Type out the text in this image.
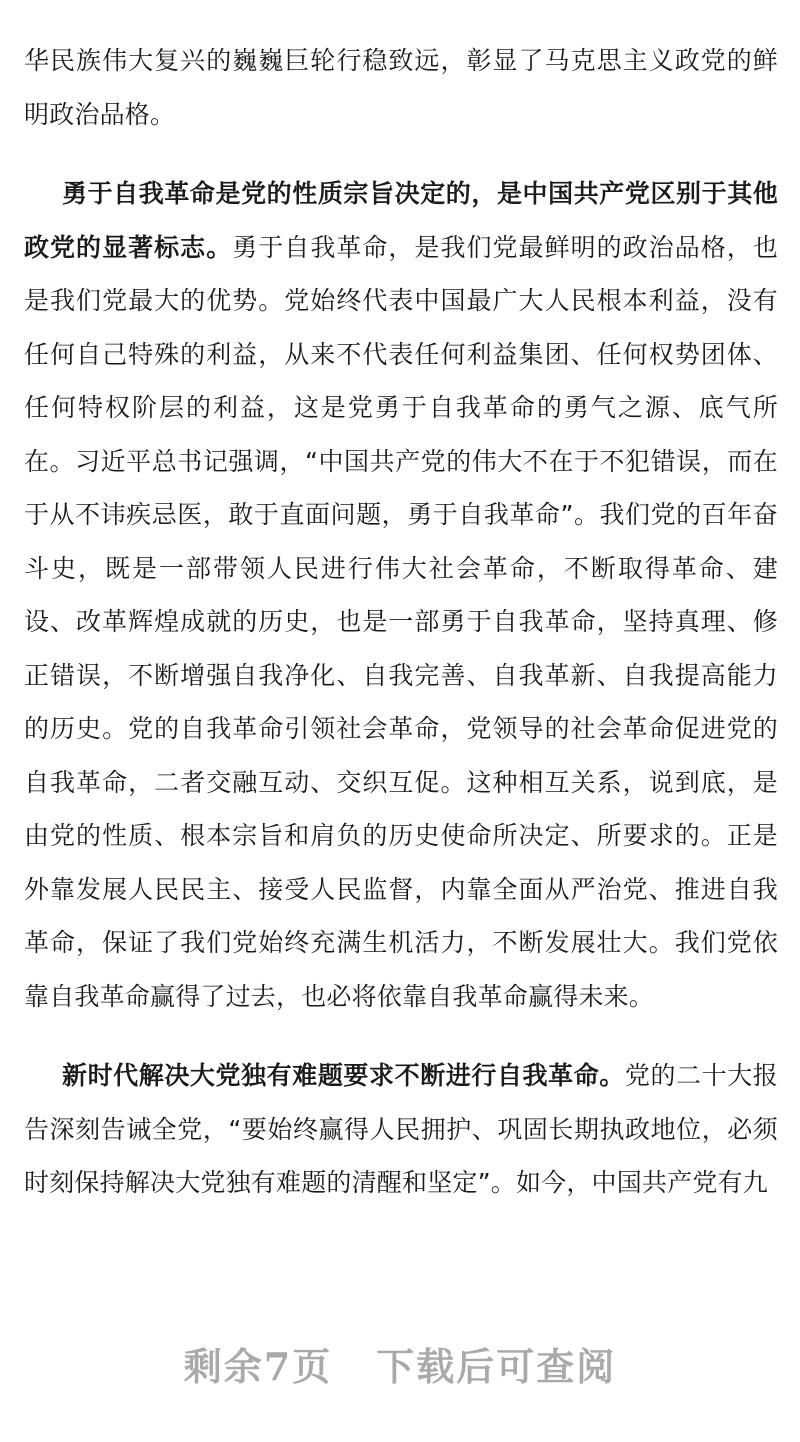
华民族伟大复兴的巍巍巨轮行稳致远，彰显了马克思主义政党的鲜明政治品格。

勇于自我革命是党的性质宗旨决定的，是中国共产党区别于其他政党的显著标志。勇于自我革命，是我们党最鲜明的政治品格，也是我们党最大的优势。党始终代表中国最广大人民根本利益，没有任何自己特殊的利益，从来不代表任何利益集团、任何权势团体、任何特权阶层的利益，这是党勇于自我革命的勇气之源、底气所在。习近平总书记强调，“中国共产党的伟大不在于不犯错误，而在于从不讳疾忌医，敢于直面问题，勇于自我革命”。我们党的百年奋斗史，既是一部带领人民进行伟大社会革命，不断取得革命、建设、改革辉煌成就的历史，也是一部勇于自我革命，坚持真理、修正错误，不断增强自我净化、自我完善、自我革新、自我提高能力的历史。党的自我革命引领社会革命，党领导的社会革命促进党的自我革命，二者交融互动、交织互促。这种相互关系，说到底，是由党的性质、根本宗旨和肩负的历史使命所决定、所要求的。正是外靠发展人民民主、接受人民监督，内靠全面从严治党、推进自我革命，保证了我们党始终充满生机活力，不断发展壮大。我们党依靠自我革命赢得了过去，也必将依靠自我革命赢得未来。

新时代解决大党独有难题要求不断进行自我革命。党的二十大报告深刻告诫全党，“要始终赢得人民拥护、巩固长期执政地位，必须时刻保持解决大党独有难题的清醒和坚定”。如今，中国共产党有九

剩余7页 下载后可查阅
